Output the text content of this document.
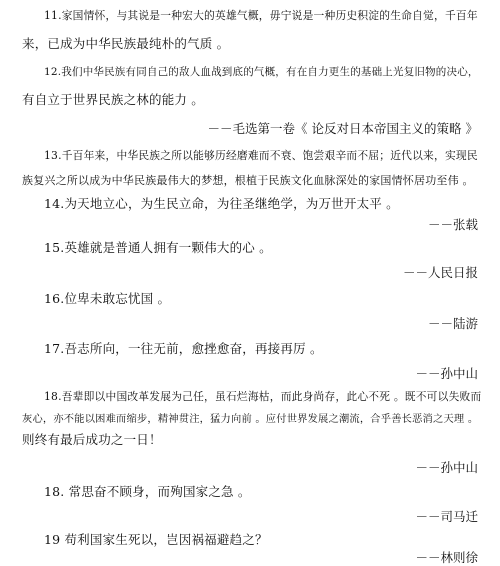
11.家国情怀，与其说是一种宏大的英雄气概，毋宁说是一种历史积淀的生命自觉，千百年
来，已成为中华民族最纯朴的气质 。
12.我们中华民族有同自己的敌人血战到底的气概，有在自力更生的基础上光复旧物的决心，
有自立于世界民族之林的能力 。
－－毛选第一卷《 论反对日本帝国主义的策略 》
13.千百年来，中华民族之所以能够历经磨难而不衰、饱尝艰辛而不屈；近代以来，实现民
族复兴之所以成为中华民族最伟大的梦想，根植于民族文化血脉深处的家国情怀居功至伟 。
14.为天地立心，为生民立命，为往圣继绝学，为万世开太平 。
－－张载
15.英雄就是普通人拥有一颗伟大的心 。
－－人民日报
16.位卑未敢忘忧国 。
－－陆游
17.吾志所向，一往无前，愈挫愈奋，再接再厉 。
－－孙中山
18.吾辈即以中国改革发展为己任，虽石烂海枯，而此身尚存，此心不死 。既不可以失败而
灰心，亦不能以困难而缩步，精神贯注，猛力向前 。应付世界发展之潮流，合乎善长恶消之天理 。
则终有最后成功之一日！
－－孙中山
18. 常思奋不顾身，而殉国家之急 。
－－司马迁
19 苟利国家生死以，岂因祸福避趋之？
－－林则徐
